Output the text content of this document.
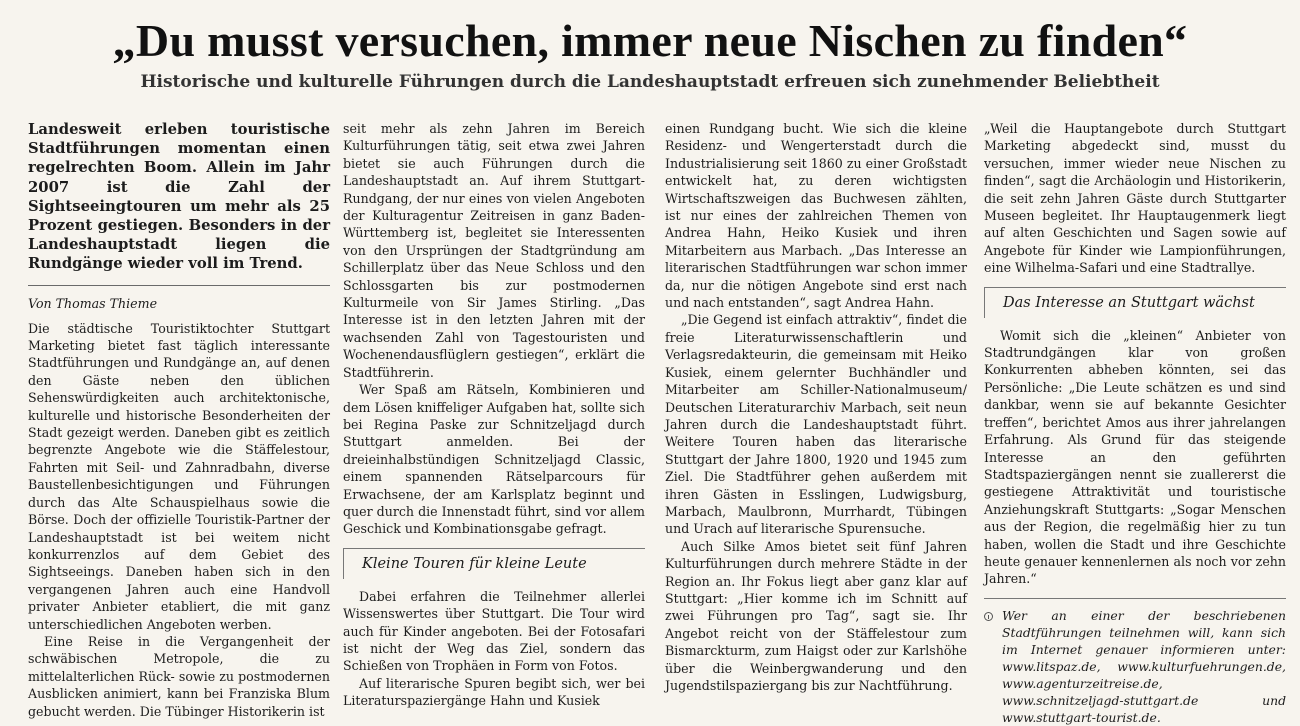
„Du musst versuchen, immer neue Nischen zu finden“
Historische und kulturelle Führungen durch die Landeshauptstadt erfreuen sich zunehmender Beliebtheit

Landesweit erleben touristische Stadtführungen momentan einen regelrechten Boom. Allein im Jahr 2007 ist die Zahl der Sightseeingtouren um mehr als 25 Prozent gestiegen. Besonders in der Landeshauptstadt liegen die Rundgänge wieder voll im Trend.

Von Thomas Thieme

Die städtische Touristiktochter Stuttgart Marketing bietet fast täglich interessante Stadtführungen und Rundgänge an, auf denen den Gäste neben den üblichen Sehenswürdigkeiten auch architektonische, kulturelle und historische Besonderheiten der Stadt gezeigt werden. Daneben gibt es zeitlich begrenzte Angebote wie die Stäffelestour, Fahrten mit Seil- und Zahnradbahn, diverse Baustellenbesichtigungen und Führungen durch das Alte Schauspielhaus sowie die Börse. Doch der offizielle Touristik-Partner der Landeshauptstadt ist bei weitem nicht konkurrenzlos auf dem Gebiet des Sightseeings. Daneben haben sich in den vergangenen Jahren auch eine Handvoll privater Anbieter etabliert, die mit ganz unterschiedlichen Angeboten werben.

Eine Reise in die Vergangenheit der schwäbischen Metropole, die zu mittelalterlichen Rück- sowie zu postmodernen Ausblicken animiert, kann bei Franziska Blum gebucht werden. Die Tübinger Historikerin ist

seit mehr als zehn Jahren im Bereich Kulturführungen tätig, seit etwa zwei Jahren bietet sie auch Führungen durch die Landeshauptstadt an. Auf ihrem Stuttgart-Rundgang, der nur eines von vielen Angeboten der Kulturagentur Zeitreisen in ganz Baden-Württemberg ist, begleitet sie Interessenten von den Ursprüngen der Stadtgründung am Schillerplatz über das Neue Schloss und den Schlossgarten bis zur postmodernen Kulturmeile von Sir James Stirling. „Das Interesse ist in den letzten Jahren mit der wachsenden Zahl von Tagestouristen und Wochenendausflüglern gestiegen“, erklärt die Stadtführerin.

Wer Spaß am Rätseln, Kombinieren und dem Lösen kniffeliger Aufgaben hat, sollte sich bei Regina Paske zur Schnitzeljagd durch Stuttgart anmelden. Bei der dreieinhalbstündigen Schnitzeljagd Classic, einem spannenden Rätselparcours für Erwachsene, der am Karlsplatz beginnt und quer durch die Innenstadt führt, sind vor allem Geschick und Kombinationsgabe gefragt.

Kleine Touren für kleine Leute

Dabei erfahren die Teilnehmer allerlei Wissenswertes über Stuttgart. Die Tour wird auch für Kinder angeboten. Bei der Fotosafari ist nicht der Weg das Ziel, sondern das Schießen von Trophäen in Form von Fotos.

Auf literarische Spuren begibt sich, wer bei Literaturspaziergänge Hahn und Kusiek

einen Rundgang bucht. Wie sich die kleine Residenz- und Wengerterstadt durch die Industrialisierung seit 1860 zu einer Großstadt entwickelt hat, zu deren wichtigsten Wirtschaftszweigen das Buchwesen zählten, ist nur eines der zahlreichen Themen von Andrea Hahn, Heiko Kusiek und ihren Mitarbeitern aus Marbach. „Das Interesse an literarischen Stadtführungen war schon immer da, nur die nötigen Angebote sind erst nach und nach entstanden“, sagt Andrea Hahn.

„Die Gegend ist einfach attraktiv“, findet die freie Literaturwissenschaftlerin und Verlagsredakteurin, die gemeinsam mit Heiko Kusiek, einem gelernter Buchhändler und Mitarbeiter am Schiller-Nationalmuseum/ Deutschen Literaturarchiv Marbach, seit neun Jahren durch die Landeshauptstadt führt. Weitere Touren haben das literarische Stuttgart der Jahre 1800, 1920 und 1945 zum Ziel. Die Stadtführer gehen außerdem mit ihren Gästen in Esslingen, Ludwigsburg, Marbach, Maulbronn, Murrhardt, Tübingen und Urach auf literarische Spurensuche.

Auch Silke Amos bietet seit fünf Jahren Kulturführungen durch mehrere Städte in der Region an. Ihr Fokus liegt aber ganz klar auf Stuttgart: „Hier komme ich im Schnitt auf zwei Führungen pro Tag“, sagt sie. Ihr Angebot reicht von der Stäffelestour zum Bismarckturm, zum Haigst oder zur Karlshöhe über die Weinbergwanderung und den Jugendstilspaziergang bis zur Nachtführung.

„Weil die Hauptangebote durch Stuttgart Marketing abgedeckt sind, musst du versuchen, immer wieder neue Nischen zu finden“, sagt die Archäologin und Historikerin, die seit zehn Jahren Gäste durch Stuttgarter Museen begleitet. Ihr Hauptaugenmerk liegt auf alten Geschichten und Sagen sowie auf Angebote für Kinder wie Lampionführungen, eine Wilhelma-Safari und eine Stadtrallye.

Das Interesse an Stuttgart wächst

Womit sich die „kleinen“ Anbieter von Stadtrundgängen klar von großen Konkurrenten abheben könnten, sei das Persönliche: „Die Leute schätzen es und sind dankbar, wenn sie auf bekannte Gesichter treffen“, berichtet Amos aus ihrer jahrelangen Erfahrung. Als Grund für das steigende Interesse an den geführten Stadtspaziergängen nennt sie zuallererst die gestiegene Attraktivität und touristische Anziehungskraft Stuttgarts: „Sogar Menschen aus der Region, die regelmäßig hier zu tun haben, wollen die Stadt und ihre Geschichte heute genauer kennenlernen als noch vor zehn Jahren.“

Wer an einer der beschriebenen Stadtführungen teilnehmen will, kann sich im Internet genauer informieren unter: www.litspaz.de, www.kulturfuehrungen.de, www.agenturzeitreise.de, www.schnitzeljagd-stuttgart.de und www.stuttgart-tourist.de.
